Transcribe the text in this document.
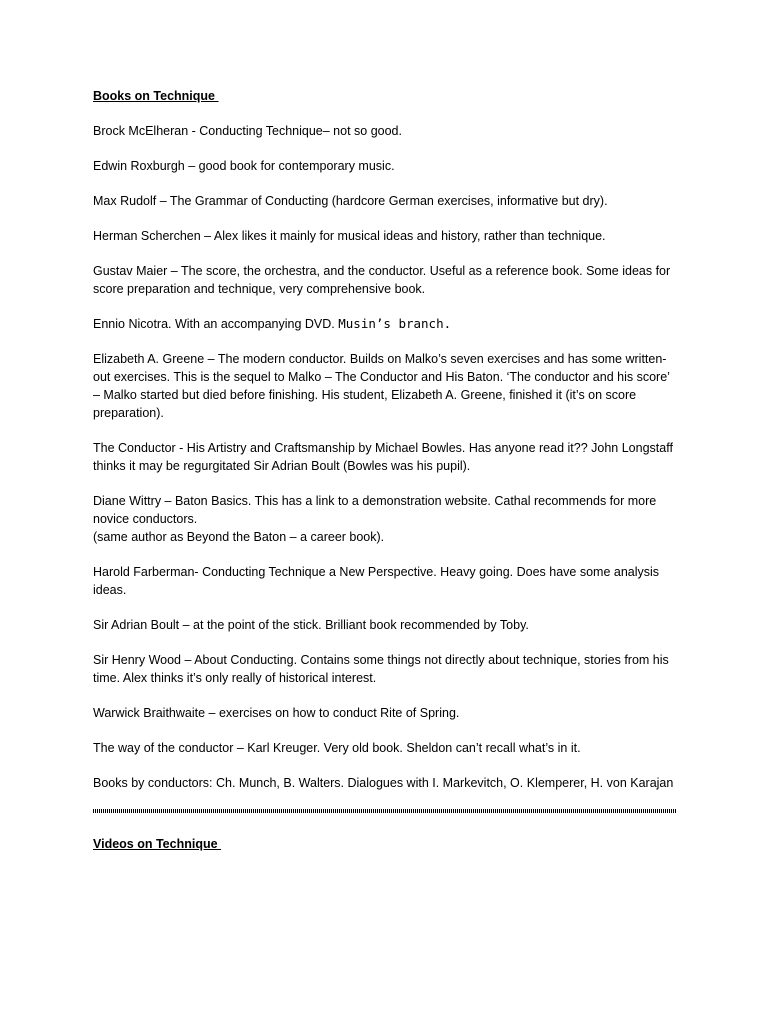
Books on Technique
Brock McElheran - Conducting Technique– not so good.
Edwin Roxburgh – good book for contemporary music.
Max Rudolf – The Grammar of Conducting (hardcore German exercises, informative but dry).
Herman Scherchen – Alex likes it mainly for musical ideas and history, rather than technique.
Gustav Maier – The score, the orchestra, and the conductor. Useful as a reference book. Some ideas for score preparation and technique, very comprehensive book.
Ennio Nicotra. With an accompanying DVD. Musin’s branch.
Elizabeth A. Greene – The modern conductor. Builds on Malko’s seven exercises and has some written-out exercises. This is the sequel to Malko – The Conductor and His Baton. ‘The conductor and his score’ – Malko started but died before finishing. His student, Elizabeth A. Greene, finished it (it’s on score preparation).
The Conductor - His Artistry and Craftsmanship by Michael Bowles. Has anyone read it?? John Longstaff thinks it may be regurgitated Sir Adrian Boult (Bowles was his pupil).
Diane Wittry – Baton Basics. This has a link to a demonstration website. Cathal recommends for more novice conductors.
(same author as Beyond the Baton – a career book).
Harold Farberman- Conducting Technique a New Perspective. Heavy going. Does have some analysis ideas.
Sir Adrian Boult – at the point of the stick. Brilliant book recommended by Toby.
Sir Henry Wood – About Conducting. Contains some things not directly about technique, stories from his time. Alex thinks it’s only really of historical interest.
Warwick Braithwaite – exercises on how to conduct Rite of Spring.
The way of the conductor – Karl Kreuger. Very old book. Sheldon can’t recall what’s in it.
Books by conductors: Ch. Munch, B. Walters. Dialogues with I. Markevitch, O. Klemperer, H. von Karajan
Videos on Technique
